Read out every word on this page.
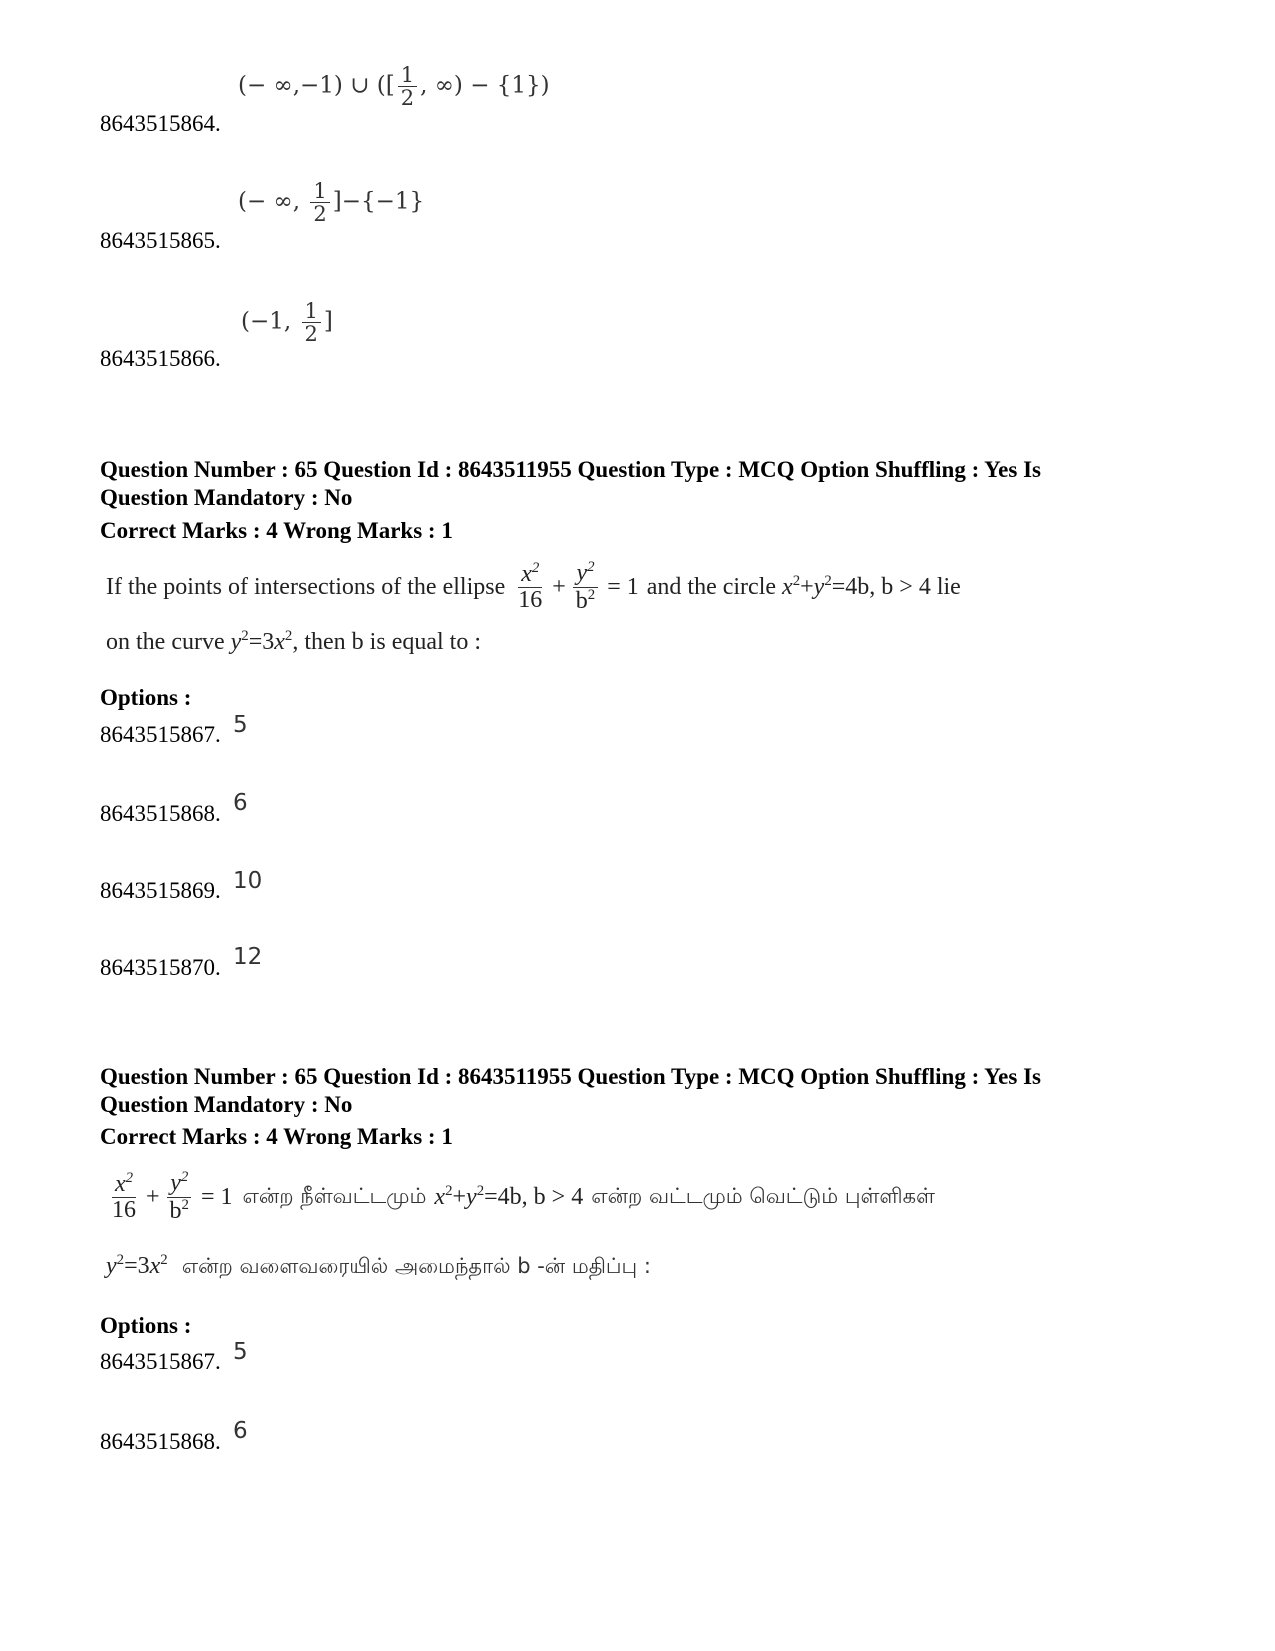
(− ∞,−1) ∪ ([ $\frac{1}{2}$ , ∞) − {1})
8643515864.
(− ∞, $\frac{1}{2} ]-\{-1\}$
8643515865.
(−1, $\frac{1}{2}$ ]
8643515866.
Question Number : 65 Question Id : 8643511955 Question Type : MCQ Option Shuffling : Yes Is
Question Mandatory : No
Correct Marks : 4 Wrong Marks : 1
If the points of intersections of the ellipse $\frac{x^2}{16} + \frac{y^2}{b^2} = 1$ and the circle $x^2+y^2=4b$, b > 4 lie
on the curve $y^2=3x^2$, then b is equal to :
Options :
8643515867. 5
8643515868. 6
8643515869. 10
8643515870. 12
Question Number : 65 Question Id : 8643511955 Question Type : MCQ Option Shuffling : Yes Is
Question Mandatory : No
Correct Marks : 4 Wrong Marks : 1
$\frac{x^2}{16} + \frac{y^2}{b^2} = 1$ என்ற நீள்வட்டமும் $x^2+y^2=4b$, b > 4 என்ற வட்டமும் வெட்டும் புள்ளிகள்
$y^2=3x^2$ என்ற வளைவரையில் அமைந்தால் b -ன் மதிப்பு :
Options :
8643515867. 5
8643515868. 6
